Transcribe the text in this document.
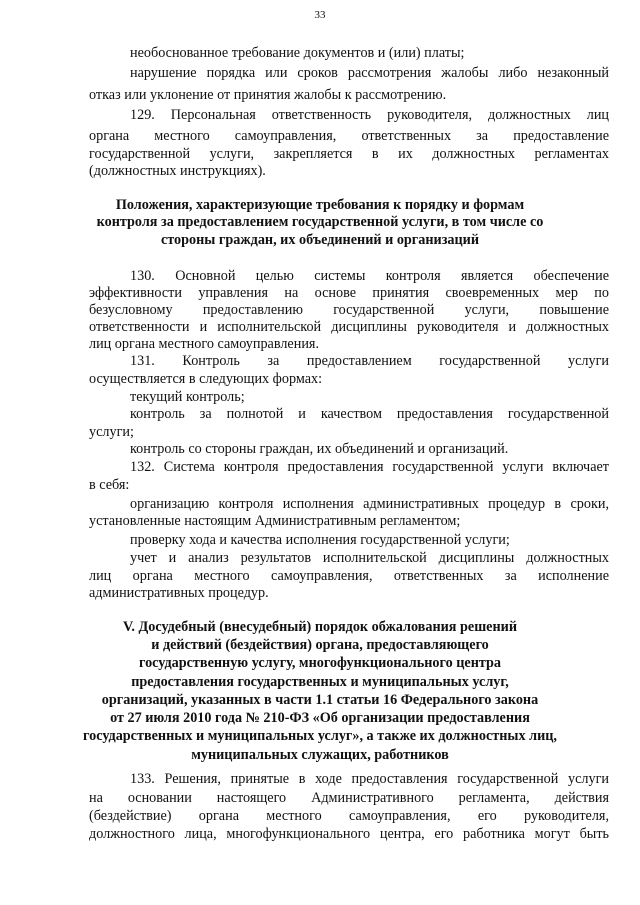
33
необоснованное требование документов и (или) платы;
нарушение порядка или сроков рассмотрения жалобы либо незаконный
отказ или уклонение от принятия жалобы к рассмотрению.
129. Персональная ответственность руководителя, должностных лиц
органа местного самоуправления, ответственных за предоставление
государственной услуги, закрепляется в их должностных регламентах
(должностных инструкциях).
Положения, характеризующие требования к порядку и формам
контроля за предоставлением государственной услуги, в том числе со
стороны граждан, их объединений и организаций
130. Основной целью системы контроля является обеспечение
эффективности управления на основе принятия своевременных мер по
безусловному предоставлению государственной услуги, повышение
ответственности и исполнительской дисциплины руководителя и должностных
лиц органа местного самоуправления.
131. Контроль за предоставлением государственной услуги
осуществляется в следующих формах:
текущий контроль;
контроль за полнотой и качеством предоставления государственной
услуги;
контроль со стороны граждан, их объединений и организаций.
132. Система контроля предоставления государственной услуги включает
в себя:
организацию контроля исполнения административных процедур в сроки,
установленные настоящим Административным регламентом;
проверку хода и качества исполнения государственной услуги;
учет и анализ результатов исполнительской дисциплины должностных
лиц органа местного самоуправления, ответственных за исполнение
административных процедур.
V. Досудебный (внесудебный) порядок обжалования решений
и действий (бездействия) органа, предоставляющего
государственную услугу, многофункционального центра
предоставления государственных и муниципальных услуг,
организаций, указанных в части 1.1 статьи 16 Федерального закона
от 27 июля 2010 года № 210-ФЗ «Об организации предоставления
государственных и муниципальных услуг», а также их должностных лиц,
муниципальных служащих, работников
133. Решения, принятые в ходе предоставления государственной услуги
на основании настоящего Административного регламента, действия
(бездействие) органа местного самоуправления, его руководителя,
должностного лица, многофункционального центра, его работника могут быть
